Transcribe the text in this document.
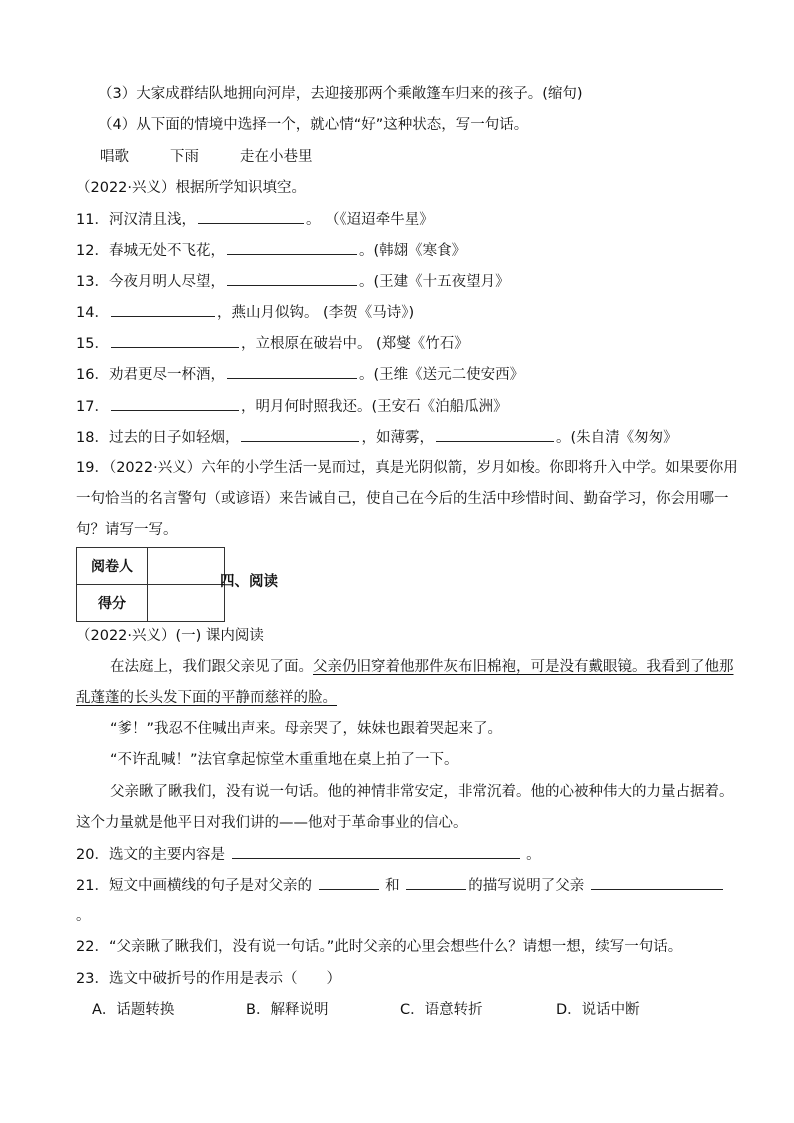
（3）大家成群结队地拥向河岸，去迎接那两个乘敞篷车归来的孩子。(缩句)
（4）从下面的情境中选择一个，就心情“好”这种状态，写一句话。
唱歌	下雨	走在小巷里
（2022·兴义）根据所学知识填空。
11．河汉清且浅，	。 （《迢迢牵牛星》
12．春城无处不飞花，	。(韩翃《寒食》
13．今夜月明人尽望，	。(王建《十五夜望月》
14．	，燕山月似钩。 (李贺《马诗》)
15．	，立根原在破岩中。 (郑燮《竹石》
16．劝君更尽一杯酒，	。(王维《送元二使安西》
17．	，明月何时照我还。(王安石《泊船瓜洲》
18．过去的日子如轻烟，	，如薄雾，	。(朱自清《匆匆》
19．（2022·兴义）六年的小学生活一晃而过，真是光阴似箭，岁月如梭。你即将升入中学。如果要你用
一句恰当的名言警句（或谚语）来告诫自己，使自己在今后的生活中珍惜时间、勤奋学习，你会用哪一
句？请写一写。
阅卷人	
得分	
四、阅读
（2022·兴义）(一) 课内阅读
在法庭上，我们跟父亲见了面。父亲仍旧穿着他那件灰布旧棉袍，可是没有戴眼镜。我看到了他那
乱蓬蓬的长头发下面的平静而慈祥的脸。
“爹！”我忍不住喊出声来。母亲哭了，妹妹也跟着哭起来了。
“不许乱喊！”法官拿起惊堂木重重地在桌上拍了一下。
父亲瞅了瞅我们，没有说一句话。他的神情非常安定，非常沉着。他的心被种伟大的力量占据着。
这个力量就是他平日对我们讲的——他对于革命事业的信心。
20．选文的主要内容是	。
21．短文中画横线的句子是对父亲的	和	的描写说明了父亲
。
22．“父亲瞅了瞅我们，没有说一句话。”此时父亲的心里会想些什么？请想一想，续写一句话。
23．选文中破折号的作用是表示（　　）
A．话题转换	B．解释说明	C．语意转折	D．说话中断
